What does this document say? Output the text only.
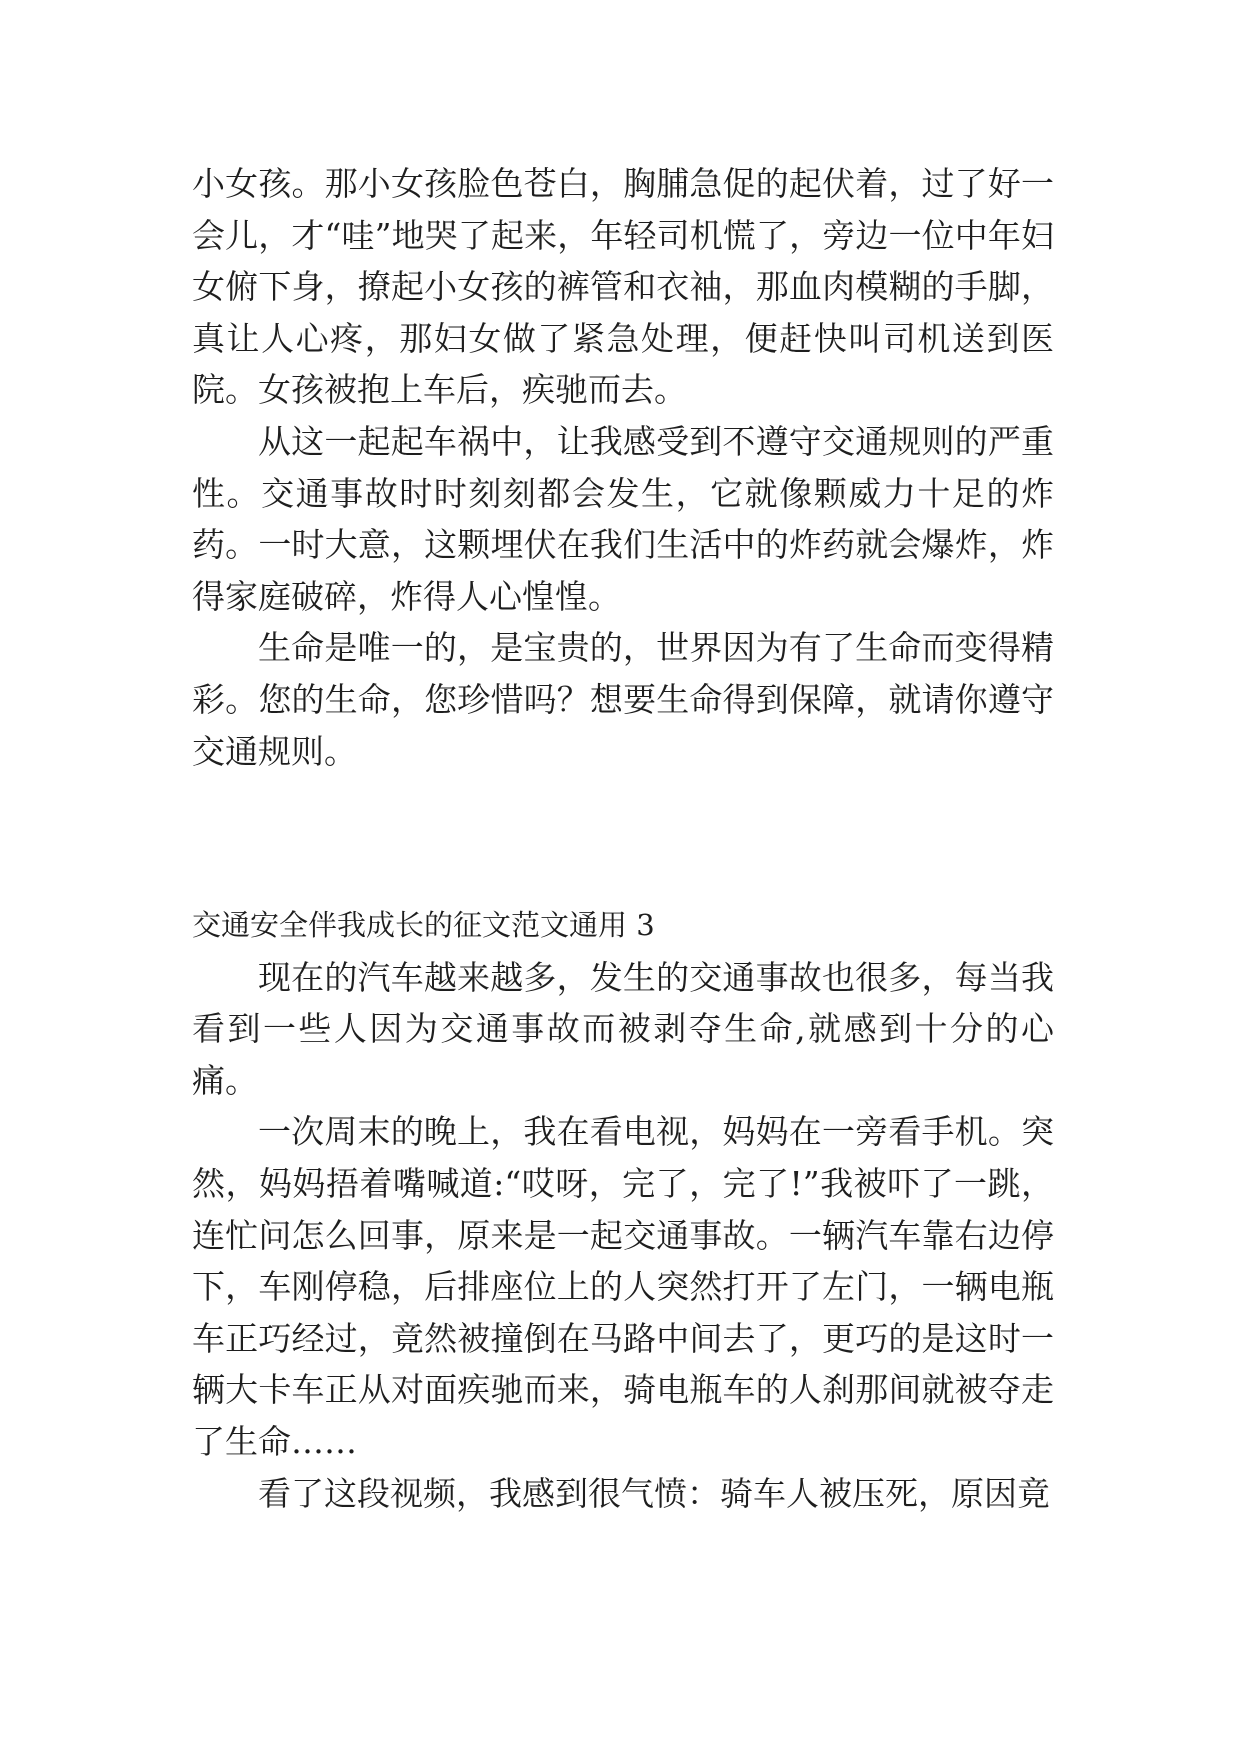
小女孩。那小女孩脸色苍白，胸脯急促的起伏着，过了好一会儿，才“哇”地哭了起来，年轻司机慌了，旁边一位中年妇女俯下身，撩起小女孩的裤管和衣袖，那血肉模糊的手脚，真让人心疼，那妇女做了紧急处理，便赶快叫司机送到医院。女孩被抱上车后，疾驰而去。

从这一起起车祸中，让我感受到不遵守交通规则的严重性。交通事故时时刻刻都会发生，它就像颗威力十足的炸药。一时大意，这颗埋伏在我们生活中的炸药就会爆炸，炸得家庭破碎，炸得人心惶惶。

生命是唯一的，是宝贵的，世界因为有了生命而变得精彩。您的生命，您珍惜吗？想要生命得到保障，就请你遵守交通规则。

交通安全伴我成长的征文范文通用 3

现在的汽车越来越多，发生的交通事故也很多，每当我看到一些人因为交通事故而被剥夺生命,就感到十分的心痛。

一次周末的晚上，我在看电视，妈妈在一旁看手机。突然，妈妈捂着嘴喊道:“哎呀，完了，完了!”我被吓了一跳，连忙问怎么回事，原来是一起交通事故。一辆汽车靠右边停下，车刚停稳，后排座位上的人突然打开了左门，一辆电瓶车正巧经过，竟然被撞倒在马路中间去了，更巧的是这时一辆大卡车正从对面疾驰而来，骑电瓶车的人刹那间就被夺走了生命……

看了这段视频，我感到很气愤：骑车人被压死，原因竟
